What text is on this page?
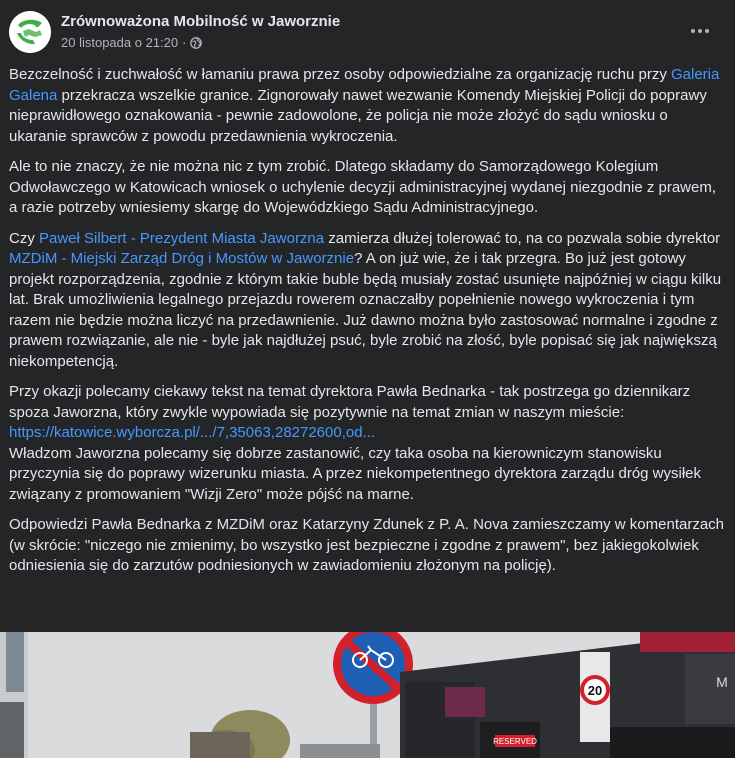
Zrównoważona Mobilność w Jaworznie
20 listopada o 21:20 ·

Bezczelność i zuchwałość w łamaniu prawa przez osoby odpowiedzialne za organizację ruchu przy Galeria Galena przekracza wszelkie granice. Zignorowały nawet wezwanie Komendy Miejskiej Policji do poprawy nieprawidłowego oznakowania - pewnie zadowolone, że policja nie może złożyć do sądu wniosku o ukaranie sprawców z powodu przedawnienia wykroczenia.

Ale to nie znaczy, że nie można nic z tym zrobić. Dlatego składamy do Samorządowego Kolegium Odwoławczego w Katowicach wniosek o uchylenie decyzji administracyjnej wydanej niezgodnie z prawem, a razie potrzeby wniesiemy skargę do Wojewódzkiego Sądu Administracyjnego.

Czy Paweł Silbert - Prezydent Miasta Jaworzna zamierza dłużej tolerować to, na co pozwala sobie dyrektor MZDiM - Miejski Zarząd Dróg i Mostów w Jaworznie? A on już wie, że i tak przegra. Bo już jest gotowy projekt rozporządzenia, zgodnie z którym takie buble będą musiały zostać usunięte najpóźniej w ciągu kilku lat. Brak umożliwienia legalnego przejazdu rowerem oznaczałby popełnienie nowego wykroczenia i tym razem nie będzie można liczyć na przedawnienie. Już dawno można było zastosować normalne i zgodne z prawem rozwiązanie, ale nie - byle jak najdłużej psuć, byle zrobić na złość, byle popisać się jak największą niekompetencją.

Przy okazji polecamy ciekawy tekst na temat dyrektora Pawła Bednarka - tak postrzega go dziennikarz spoza Jaworzna, który zwykle wypowiada się pozytywnie na temat zmian w naszym mieście: https://katowice.wyborcza.pl/.../7,35063,28272600,od...
Władzom Jaworzna polecamy się dobrze zastanowić, czy taka osoba na kierowniczym stanowisku przyczynia się do poprawy wizerunku miasta. A przez niekompetentnego dyrektora zarządu dróg wysiłek związany z promowaniem "Wizji Zero" może pójść na marne.

Odpowiedzi Pawła Bednarka z MZDiM oraz Katarzyny Zdunek z P. A. Nova zamieszczamy w komentarzach (w skrócie: "niczego nie zmienimy, bo wszystko jest bezpieczne i zgodne z prawem", bez jakiegokolwiek odniesienia się do zarzutów podniesionych w zawiadomieniu złożonym na policję).

RESERVED
20
M
